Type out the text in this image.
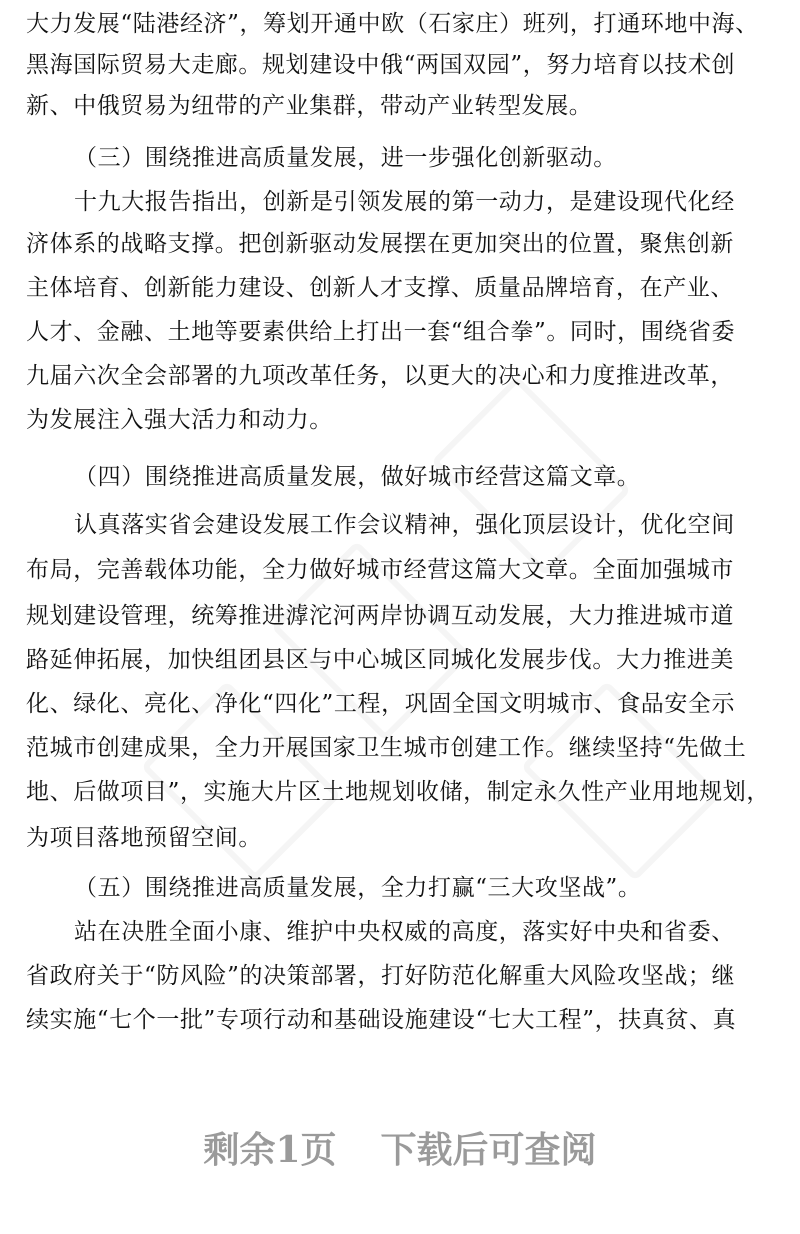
大力发展“陆港经济”，筹划开通中欧（石家庄）班列，打通环地中海、
黑海国际贸易大走廊。规划建设中俄“两国双园”，努力培育以技术创
新、中俄贸易为纽带的产业集群，带动产业转型发展。
（三）围绕推进高质量发展，进一步强化创新驱动。
十九大报告指出，创新是引领发展的第一动力，是建设现代化经
济体系的战略支撑。把创新驱动发展摆在更加突出的位置，聚焦创新
主体培育、创新能力建设、创新人才支撑、质量品牌培育，在产业、
人才、金融、土地等要素供给上打出一套“组合拳”。同时，围绕省委
九届六次全会部署的九项改革任务，以更大的决心和力度推进改革，
为发展注入强大活力和动力。
（四）围绕推进高质量发展，做好城市经营这篇文章。
认真落实省会建设发展工作会议精神，强化顶层设计，优化空间
布局，完善载体功能，全力做好城市经营这篇大文章。全面加强城市
规划建设管理，统筹推进滹沱河两岸协调互动发展，大力推进城市道
路延伸拓展，加快组团县区与中心城区同城化发展步伐。大力推进美
化、绿化、亮化、净化“四化”工程，巩固全国文明城市、食品安全示
范城市创建成果，全力开展国家卫生城市创建工作。继续坚持“先做土
地、后做项目”，实施大片区土地规划收储，制定永久性产业用地规划，
为项目落地预留空间。
（五）围绕推进高质量发展，全力打赢“三大攻坚战”。
站在决胜全面小康、维护中央权威的高度，落实好中央和省委、
省政府关于“防风险”的决策部署，打好防范化解重大风险攻坚战；继
续实施“七个一批”专项行动和基础设施建设“七大工程”，扶真贫、真
剩余1页 下载后可查阅
